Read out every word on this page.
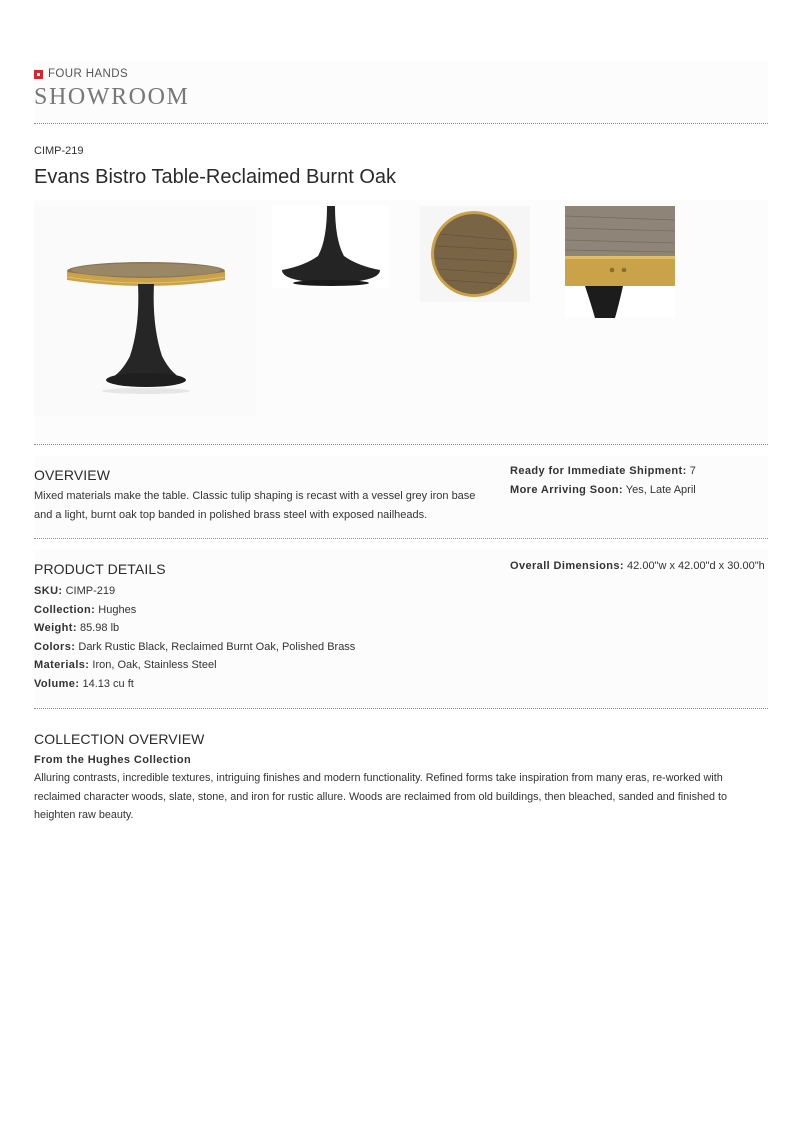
FOUR HANDS
SHOWROOM
CIMP-219
Evans Bistro Table-Reclaimed Burnt Oak
OVERVIEW
Mixed materials make the table. Classic tulip shaping is recast with a vessel grey iron base
and a light, burnt oak top banded in polished brass steel with exposed nailheads.
Ready for Immediate Shipment: 7
More Arriving Soon: Yes, Late April
PRODUCT DETAILS
SKU: CIMP-219
Collection: Hughes
Weight: 85.98 lb
Colors: Dark Rustic Black, Reclaimed Burnt Oak, Polished Brass
Materials: Iron, Oak, Stainless Steel
Volume: 14.13 cu ft
Overall Dimensions: 42.00"w x 42.00"d x 30.00"h
COLLECTION OVERVIEW
From the Hughes Collection
Alluring contrasts, incredible textures, intriguing finishes and modern functionality. Refined forms take inspiration from many eras, re-worked with
reclaimed character woods, slate, stone, and iron for rustic allure. Woods are reclaimed from old buildings, then bleached, sanded and finished to
heighten raw beauty.
